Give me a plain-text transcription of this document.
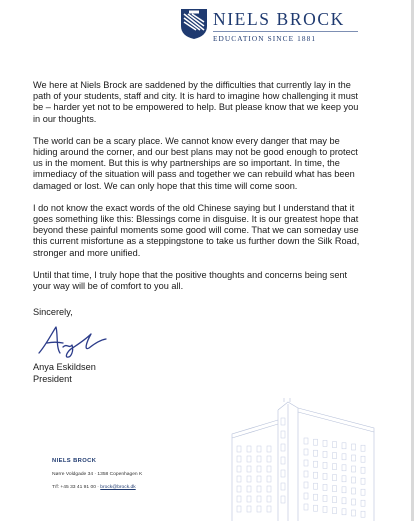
NIELS BROCK
EDUCATION SINCE 1881

We here at Niels Brock are saddened by the difficulties that currently lay in the path of your students, staff and city. It is hard to imagine how challenging it must be – harder yet not to be empowered to help. But please know that we keep you in our thoughts.

The world can be a scary place. We cannot know every danger that may be hiding around the corner, and our best plans may not be good enough to protect us in the moment. But this is why partnerships are so important. In time, the immediacy of the situation will pass and together we can rebuild what has been damaged or lost. We can only hope that this time will come soon.

I do not know the exact words of the old Chinese saying but I understand that it goes something like this: Blessings come in disguise. It is our greatest hope that beyond these painful moments some good will come. That we can someday use this current misfortune as a steppingstone to take us further down the Silk Road, stronger and more unified.

Until that time, I truly hope that the positive thoughts and concerns being sent your way will be of comfort to you all.

Sincerely,
Anya Eskildsen
President
NIELS BROCK
Nørre Voldgade 34 · 1358 Copenhagen K
T/f: +45 33 41 91 00 · brock@brock.dk
